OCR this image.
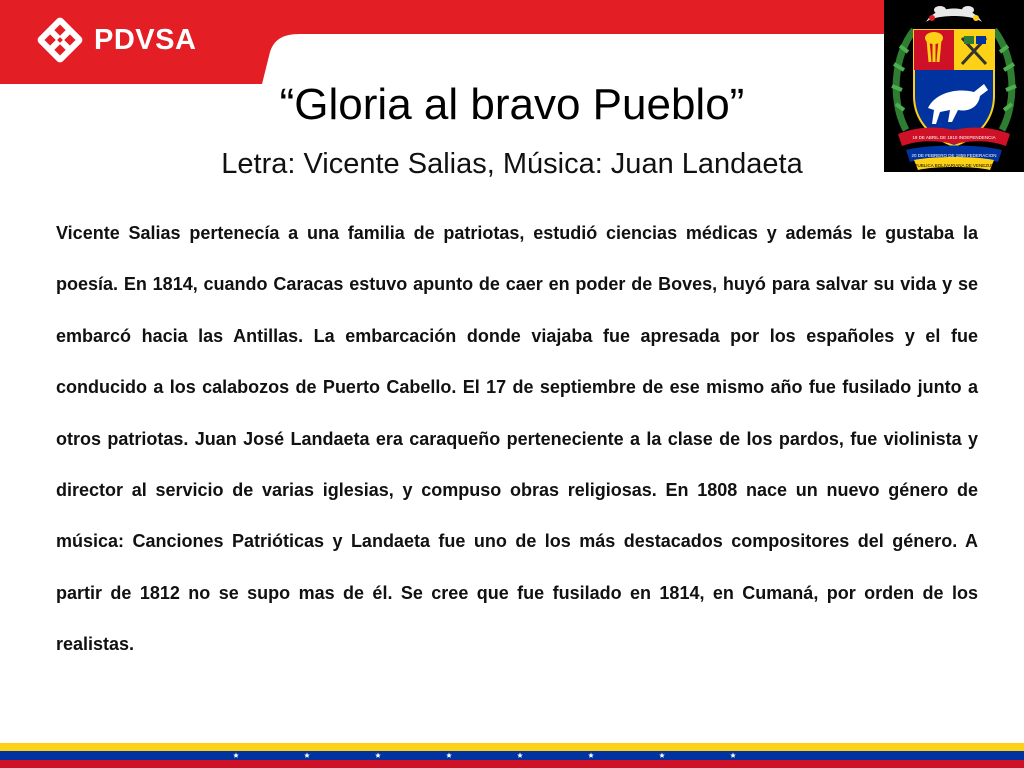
PDVSA
19 DE ABRIL DE 1810 INDEPENDENCIA
20 DE FEBRERO DE 1859 FEDERACION
REPUBLICA BOLIVARIANA DE VENEZUELA
“Gloria al bravo Pueblo”
Letra: Vicente Salias, Música: Juan Landaeta
Vicente Salias pertenecía a una familia de patriotas, estudió ciencias médicas y además le gustaba la poesía. En 1814, cuando Caracas estuvo apunto de caer en poder de Boves, huyó para salvar su vida y se embarcó hacia las Antillas. La embarcación donde viajaba fue apresada por los españoles y el fue conducido a los calabozos de Puerto Cabello. El 17 de septiembre de ese mismo año fue fusilado junto a otros patriotas. Juan José Landaeta era caraqueño perteneciente a la clase de los pardos, fue violinista y director al servicio de varias iglesias, y compuso obras religiosas. En 1808 nace un nuevo género de música: Canciones Patrióticas y Landaeta fue uno de los más destacados compositores del género. A partir de 1812 no se supo mas de él. Se cree que fue fusilado en 1814, en Cumaná, por orden de los realistas.
